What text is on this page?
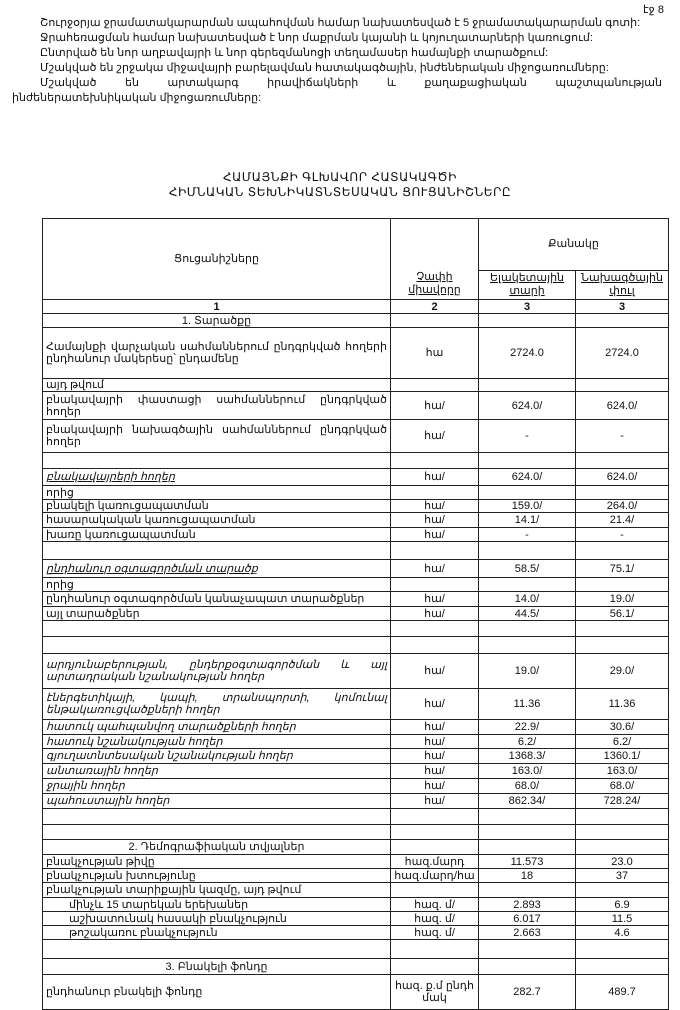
էջ 8

Շուրջօրյա ջրամատակարարման ապահովման համար նախատեսված է 5 ջրամատակարարման գոտի:

Ջրահեռացման համար նախատեսված է նոր մաքրման կայանի և կոյուղատարների կառուցում:

Ընտրված են նոր աղբավայրի և նոր գերեզմանոցի տեղամասեր համայնքի տարածքում:

Մշակված են շրջակա միջավայրի բարելավման հատակագծային, ինժեներական միջոցառումները:

Մշակված են արտակարգ իրավիճակների և քաղաքացիական պաշտպանության

ինժեներատեխնիկական միջոցառումները:

ՀԱՄԱՅՆՔԻ ԳԼԽԱՎՈՐ ՀԱՏԱԿԱԳԾԻ
ՀԻՄՆԱԿԱՆ ՏԵԽՆԻԿԱՏՆՏԵՍԱԿԱՆ ՑՈՒՑԱՆԻՇՆԵՐԸ
Ցուցանիշները	Չափի միավորը	Քանակը	
		Ելակետային տարի	Նախագծային փուլ
1	2	3	3
1. Տարածքը			
Համայնքի վարչական սահմաններում ընդգրկված հողերի ընդհանուր մակերեսը՝ ընդամենը	հա	2724.0	2724.0
այդ թվում			
բնակավայրի փաստացի սահմաններում ընդգրկված հողեր	հա/	624.0/	624.0/
բնակավայրի նախագծային սահմաններում ընդգրկված հողեր	հա/	-	-

բնակավայրերի հողեր	հա/	624.0/	624.0/
որից			
բնակելի կառուցապատման	հա/	159.0/	264.0/
հասարակական կառուցապատման	հա/	14.1/	21.4/
խառը կառուցապատման	հա/	-	-

ընդհանուր օգտագործման տարածք	հա/	58.5/	75.1/
որից			
ընդհանուր օգտագործման կանաչապատ տարածքներ	հա/	14.0/	19.0/
այլ տարածքներ	հա/	44.5/	56.1/

արդյունաբերության, ընդերքօգտագործման և այլ արտադրական նշանակության հողեր	հա/	19.0/	29.0/
էներգետիկայի, կապի, տրանսպորտի, կոմունալ ենթակառուցվածքների հողեր	հա/	11.36	11.36
հատուկ պահպանվող տարածքների հողեր	հա/	22.9/	30.6/
հատուկ նշանակության հողեր	հա/	6.2/	6.2/
գյուղատնտեսական նշանակության հողեր	հա/	1368.3/	1360.1/
անտառային հողեր	հա/	163.0/	163.0/
ջրային հողեր	հա/	68.0/	68.0/
պահուստային հողեր	հա/	862.34/	728.24/

2. Դեմոգրաֆիական տվյալներ			
բնակչության թիվը	հազ.մարդ	11.573	23.0
բնակչության խտությունը	հազ.մարդ/հա	18	37
բնակչության տարիքային կազմը, այդ թվում			
մինչև 15 տարեկան երեխաներ	հազ. մ/	2.893	6.9
աշխատունակ հասակի բնակչություն	հազ. մ/	6.017	11.5
թոշակառու բնակչություն	հազ. մ/	2.663	4.6

3. Բնակելի ֆոնդը			
ընդհանուր բնակելի ֆոնդը	հազ. ք.մ ընդհ մակ	282.7	489.7
